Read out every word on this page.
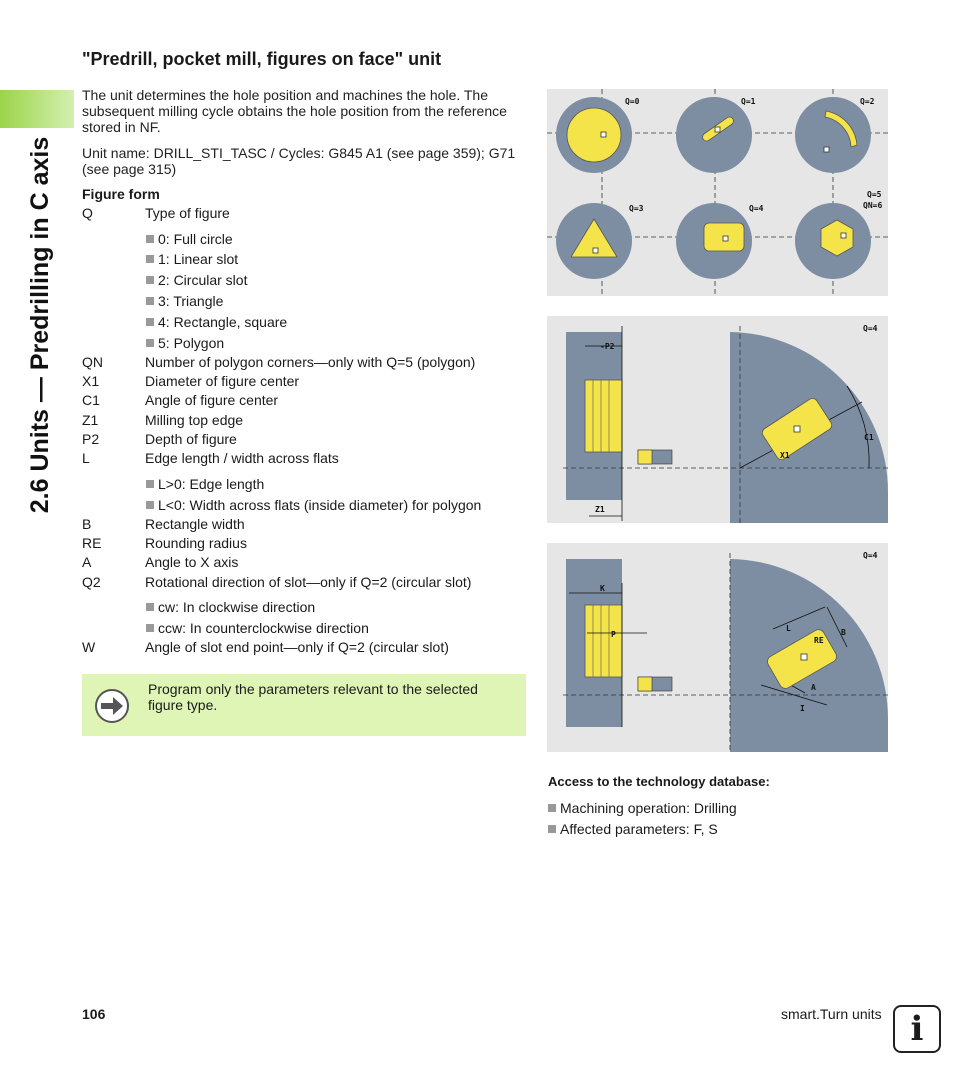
2.6 Units — Predrilling in C axis
"Predrill, pocket mill, figures on face" unit
The unit determines the hole position and machines the hole. The subsequent milling cycle obtains the hole position from the reference stored in NF.
Unit name: DRILL_STI_TASC / Cycles: G845 A1 (see page 359); G71 (see page 315)
Figure form
Q	Type of figure
0: Full circle
1: Linear slot
2: Circular slot
3: Triangle
4: Rectangle, square
5: Polygon
QN	Number of polygon corners—only with Q=5 (polygon)
X1	Diameter of figure center
C1	Angle of figure center
Z1	Milling top edge
P2	Depth of figure
L	Edge length / width across flats
L>0: Edge length
L<0: Width across flats (inside diameter) for polygon
B	Rectangle width
RE	Rounding radius
A	Angle to X axis
Q2	Rotational direction of slot—only if Q=2 (circular slot)
cw: In clockwise direction
ccw: In counterclockwise direction
W	Angle of slot end point—only if Q=2 (circular slot)
Program only the parameters relevant to the selected figure type.
Q=0	Q=1	Q=2
Q=3	Q=4
Q=5
QN=6
-P2
Q=4
C1
X1
Z1
K
P
Q=4
L
RE
B
A
I
Access to the technology database:
Machining operation: Drilling
Affected parameters: F, S
106	smart.Turn units i
